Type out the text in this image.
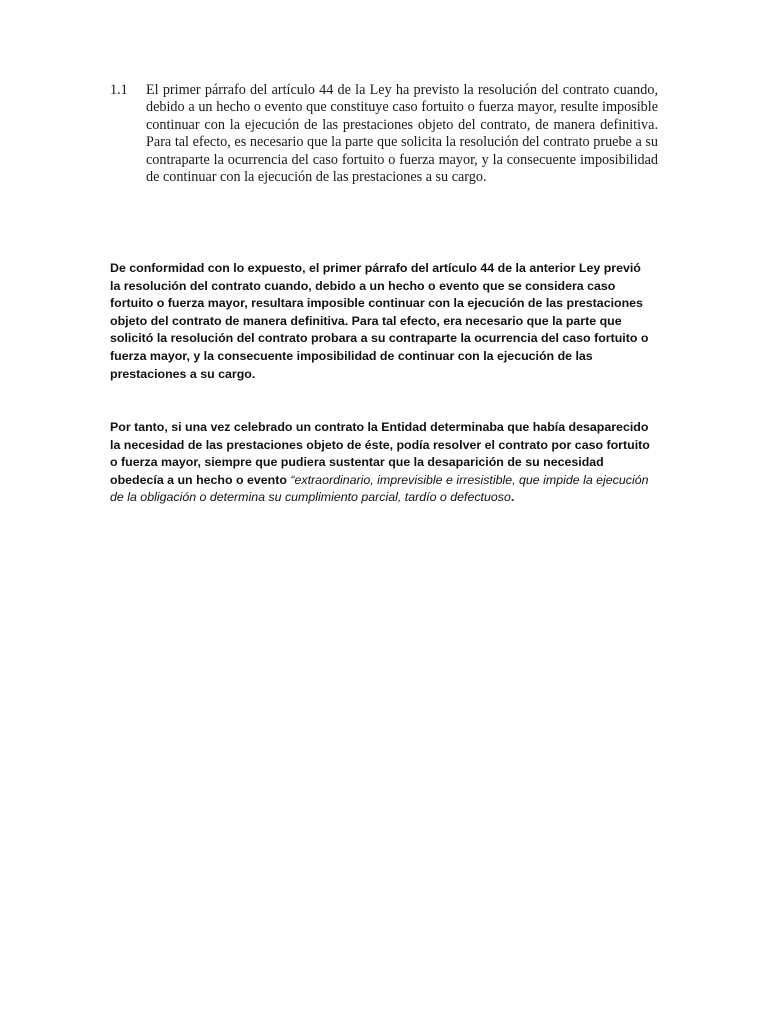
1.1	El primer párrafo del artículo 44 de la Ley ha previsto la resolución del contrato cuando, debido a un hecho o evento que constituye caso fortuito o fuerza mayor, resulte imposible continuar con la ejecución de las prestaciones objeto del contrato, de manera definitiva. Para tal efecto, es necesario que la parte que solicita la resolución del contrato pruebe a su contraparte la ocurrencia del caso fortuito o fuerza mayor, y la consecuente imposibilidad de continuar con la ejecución de las prestaciones a su cargo.
De conformidad con lo expuesto, el primer párrafo del artículo 44 de la anterior Ley previó la resolución del contrato cuando, debido a un hecho o evento que se considera caso fortuito o fuerza mayor, resultara imposible continuar con la ejecución de las prestaciones objeto del contrato de manera definitiva. Para tal efecto, era necesario que la parte que solicitó la resolución del contrato probara a su contraparte la ocurrencia del caso fortuito o fuerza mayor, y la consecuente imposibilidad de continuar con la ejecución de las prestaciones a su cargo.
Por tanto, si una vez celebrado un contrato la Entidad determinaba que había desaparecido la necesidad de las prestaciones objeto de éste, podía resolver el contrato por caso fortuito o fuerza mayor, siempre que pudiera sustentar que la desaparición de su necesidad obedecía a un hecho o evento “extraordinario, imprevisible e irresistible, que impide la ejecución de la obligación o determina su cumplimiento parcial, tardío o defectuoso.
